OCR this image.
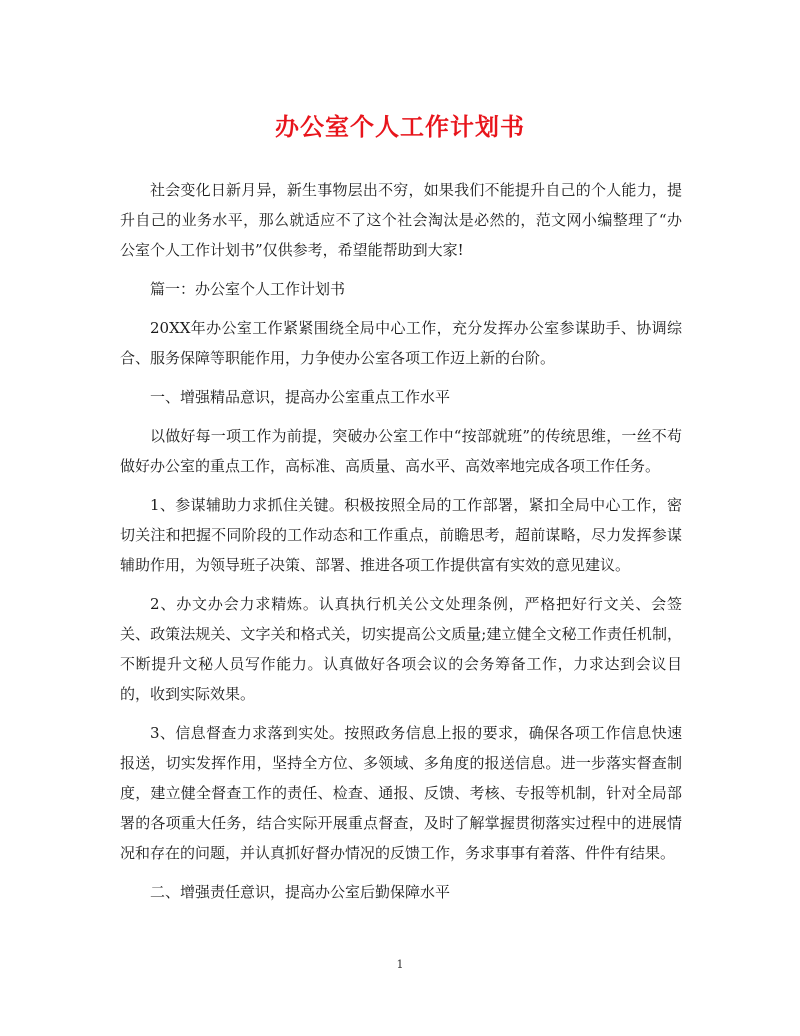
办公室个人工作计划书

社会变化日新月异，新生事物层出不穷，如果我们不能提升自己的个人能力，提升自己的业务水平，那么就适应不了这个社会淘汰是必然的，范文网小编整理了“办公室个人工作计划书”仅供参考，希望能帮助到大家!

篇一：办公室个人工作计划书

20XX年办公室工作紧紧围绕全局中心工作，充分发挥办公室参谋助手、协调综合、服务保障等职能作用，力争使办公室各项工作迈上新的台阶。

一、增强精品意识，提高办公室重点工作水平

以做好每一项工作为前提，突破办公室工作中“按部就班”的传统思维，一丝不苟做好办公室的重点工作，高标准、高质量、高水平、高效率地完成各项工作任务。

1、参谋辅助力求抓住关键。积极按照全局的工作部署，紧扣全局中心工作，密切关注和把握不同阶段的工作动态和工作重点，前瞻思考，超前谋略，尽力发挥参谋辅助作用，为领导班子决策、部署、推进各项工作提供富有实效的意见建议。

2、办文办会力求精炼。认真执行机关公文处理条例，严格把好行文关、会签关、政策法规关、文字关和格式关，切实提高公文质量;建立健全文秘工作责任机制，不断提升文秘人员写作能力。认真做好各项会议的会务筹备工作，力求达到会议目的，收到实际效果。

3、信息督查力求落到实处。按照政务信息上报的要求，确保各项工作信息快速报送，切实发挥作用，坚持全方位、多领域、多角度的报送信息。进一步落实督查制度，建立健全督查工作的责任、检查、通报、反馈、考核、专报等机制，针对全局部署的各项重大任务，结合实际开展重点督查，及时了解掌握贯彻落实过程中的进展情况和存在的问题，并认真抓好督办情况的反馈工作，务求事事有着落、件件有结果。

二、增强责任意识，提高办公室后勤保障水平

1
